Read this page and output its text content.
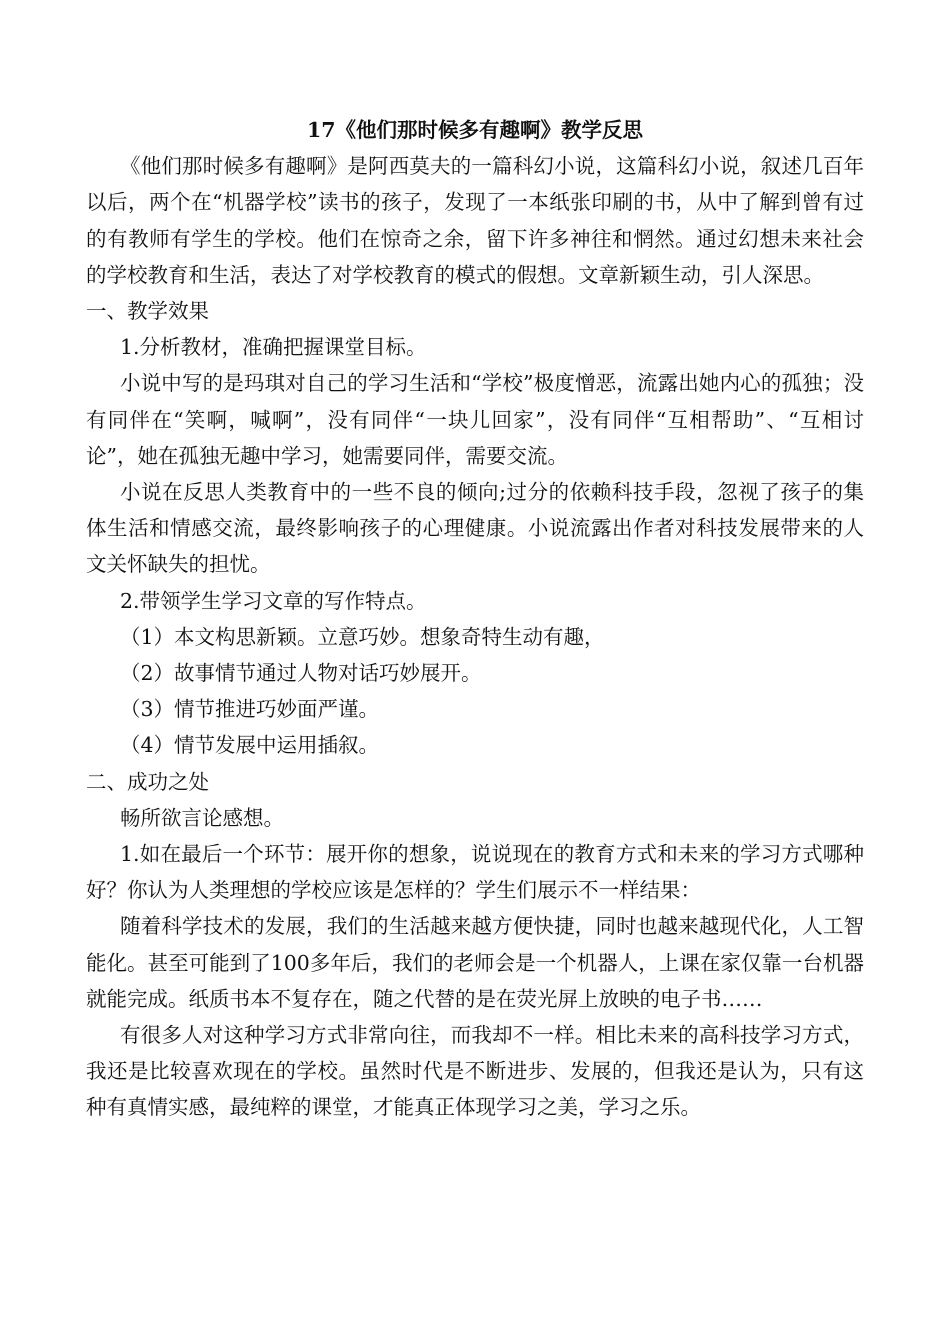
17《他们那时候多有趣啊》教学反思

《他们那时候多有趣啊》是阿西莫夫的一篇科幻小说，这篇科幻小说，叙述几百年以后，两个在“机器学校”读书的孩子，发现了一本纸张印刷的书，从中了解到曾有过的有教师有学生的学校。他们在惊奇之余，留下许多神往和惘然。通过幻想未来社会的学校教育和生活，表达了对学校教育的模式的假想。文章新颖生动，引人深思。

一、教学效果

1.分析教材，准确把握课堂目标。

小说中写的是玛琪对自己的学习生活和“学校”极度憎恶，流露出她内心的孤独；没有同伴在“笑啊，喊啊”，没有同伴“一块儿回家”，没有同伴“互相帮助”、“互相讨论”，她在孤独无趣中学习，她需要同伴，需要交流。

小说在反思人类教育中的一些不良的倾向;过分的依赖科技手段，忽视了孩子的集体生活和情感交流，最终影响孩子的心理健康。小说流露出作者对科技发展带来的人文关怀缺失的担忧。

2.带领学生学习文章的写作特点。

（1）本文构思新颖。立意巧妙。想象奇特生动有趣，

（2）故事情节通过人物对话巧妙展开。

（3）情节推进巧妙面严谨。

（4）情节发展中运用插叙。

二、成功之处

畅所欲言论感想。

1.如在最后一个环节：展开你的想象，说说现在的教育方式和未来的学习方式哪种好？你认为人类理想的学校应该是怎样的？学生们展示不一样结果：

随着科学技术的发展，我们的生活越来越方便快捷，同时也越来越现代化，人工智能化。甚至可能到了100多年后，我们的老师会是一个机器人，上课在家仅靠一台机器就能完成。纸质书本不复存在，随之代替的是在荧光屏上放映的电子书……

有很多人对这种学习方式非常向往，而我却不一样。相比未来的高科技学习方式，我还是比较喜欢现在的学校。虽然时代是不断进步、发展的，但我还是认为，只有这种有真情实感，最纯粹的课堂，才能真正体现学习之美，学习之乐。
